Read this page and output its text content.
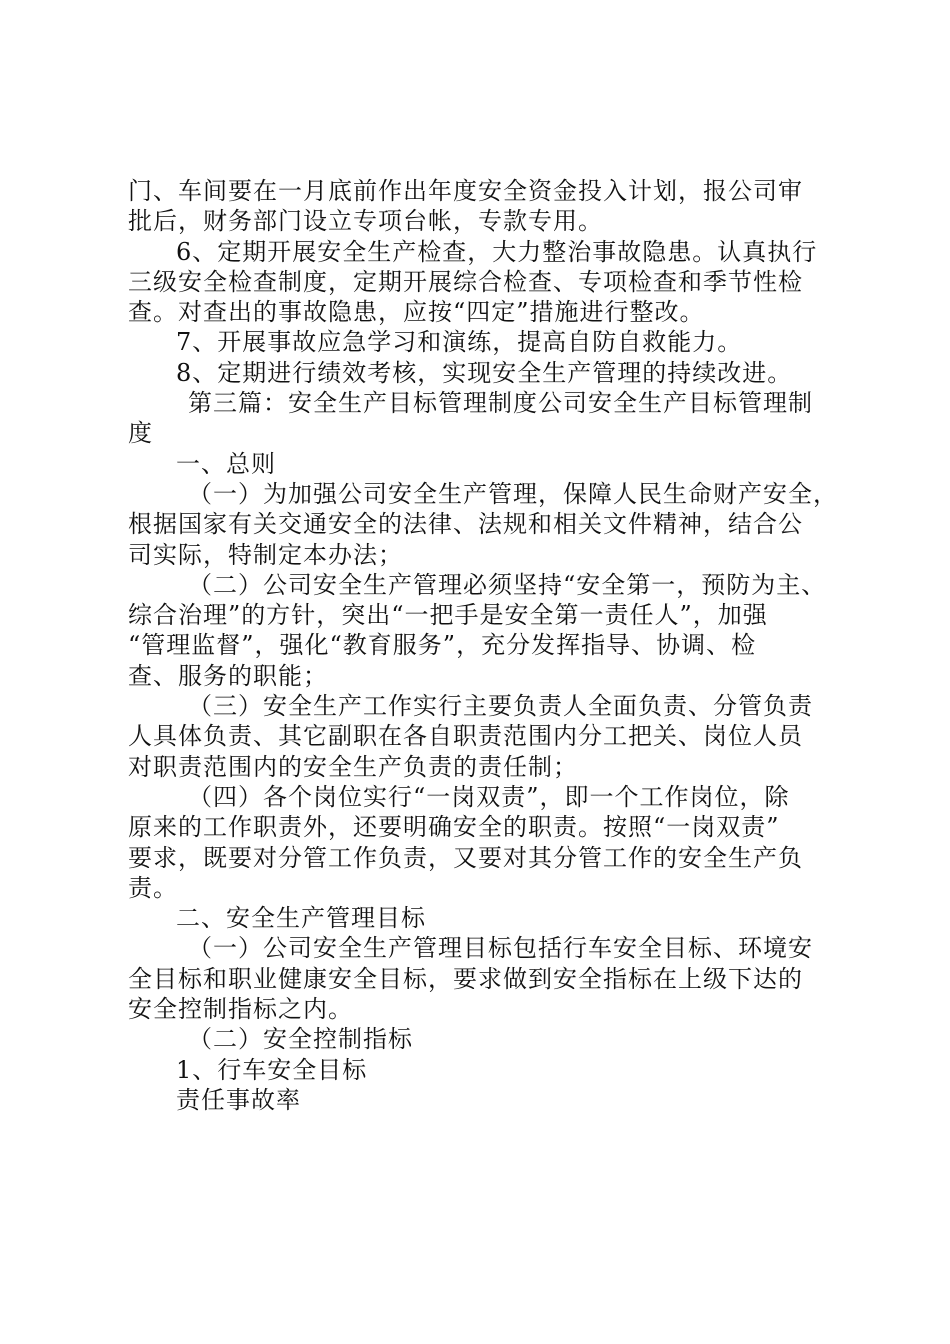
门、车间要在一月底前作出年度安全资金投入计划，报公司审
批后，财务部门设立专项台帐，专款专用。
6、定期开展安全生产检查，大力整治事故隐患。认真执行
三级安全检查制度，定期开展综合检查、专项检查和季节性检
查。对查出的事故隐患，应按“四定”措施进行整改。
7、开展事故应急学习和演练，提高自防自救能力。
8、定期进行绩效考核，实现安全生产管理的持续改进。
第三篇：安全生产目标管理制度公司安全生产目标管理制
度
一、总则
（一）为加强公司安全生产管理，保障人民生命财产安全，
根据国家有关交通安全的法律、法规和相关文件精神，结合公
司实际，特制定本办法；
（二）公司安全生产管理必须坚持“安全第一，预防为主、
综合治理”的方针，突出“一把手是安全第一责任人”，加强
“管理监督”，强化“教育服务”，充分发挥指导、协调、检
查、服务的职能；
（三）安全生产工作实行主要负责人全面负责、分管负责
人具体负责、其它副职在各自职责范围内分工把关、岗位人员
对职责范围内的安全生产负责的责任制；
（四）各个岗位实行“一岗双责”，即一个工作岗位，除
原来的工作职责外，还要明确安全的职责。按照“一岗双责”
要求，既要对分管工作负责，又要对其分管工作的安全生产负
责。
二、安全生产管理目标
（一）公司安全生产管理目标包括行车安全目标、环境安
全目标和职业健康安全目标，要求做到安全指标在上级下达的
安全控制指标之内。
（二）安全控制指标
1、行车安全目标
责任事故率
